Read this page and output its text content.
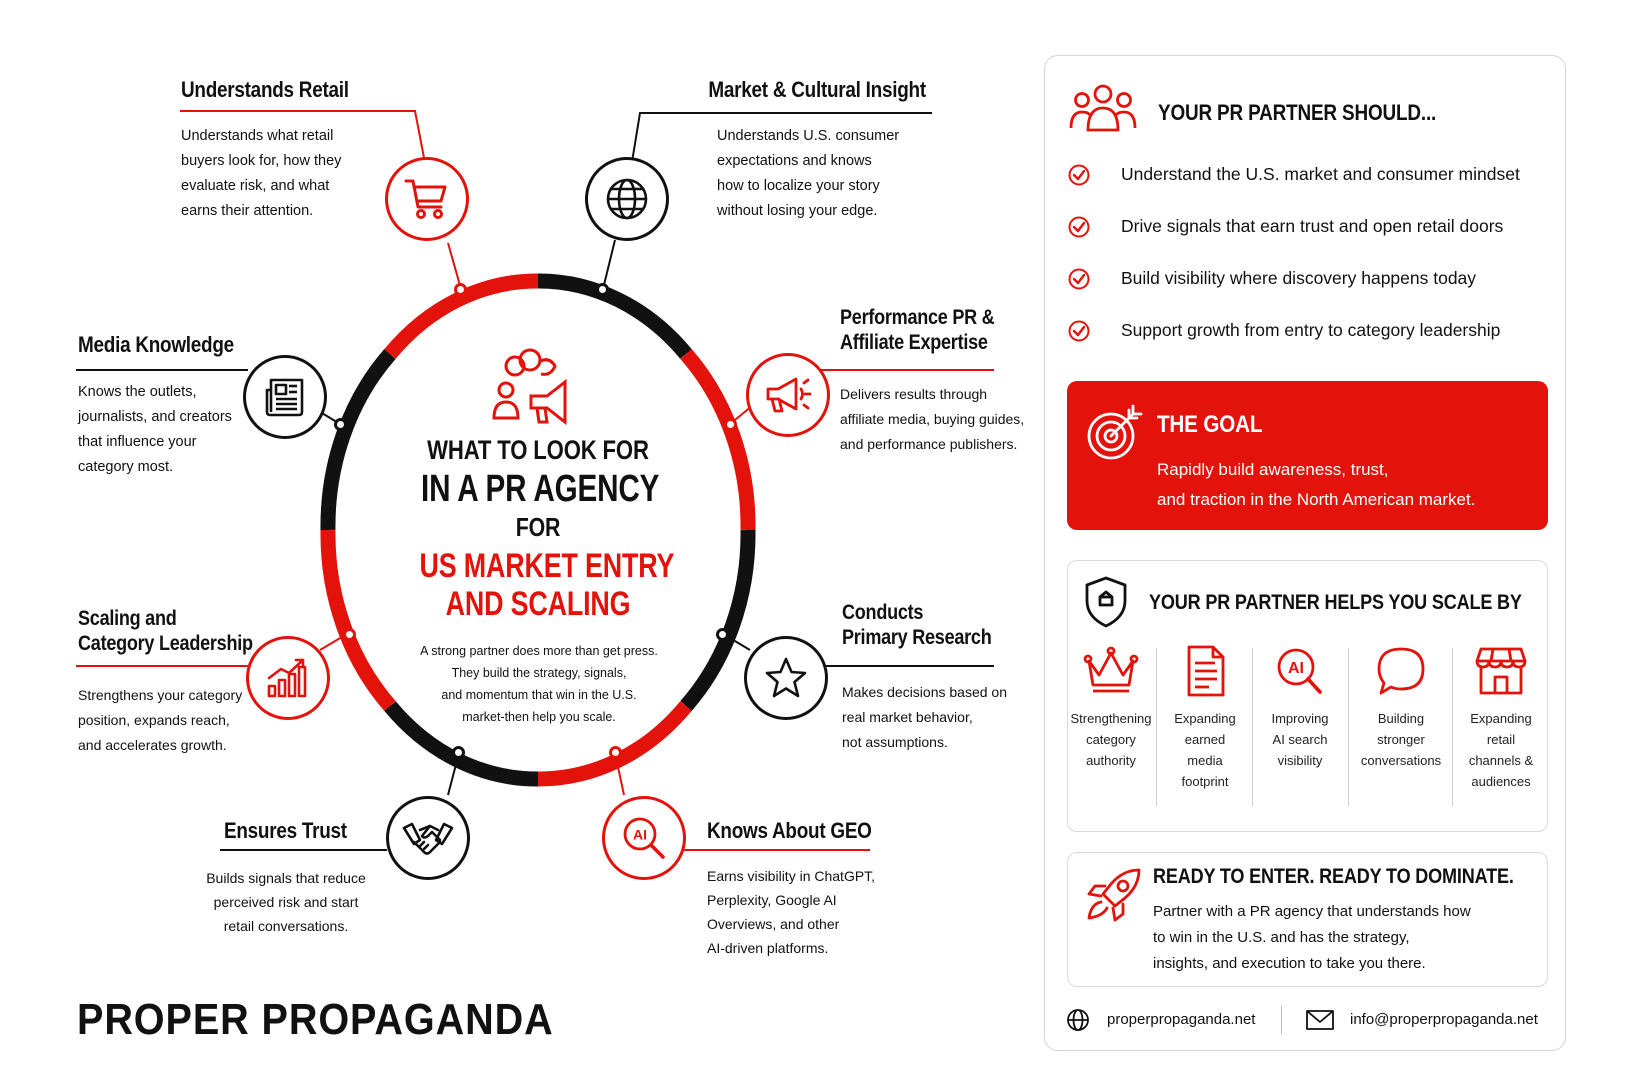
WHAT TO LOOK FOR
IN A PR AGENCY
FOR
US MARKET ENTRY
AND SCALING
A strong partner does more than get press.
They build the strategy, signals,
and momentum that win in the U.S.
market-then help you scale.
Understands Retail
Understands what retail
buyers look for, how they
evaluate risk, and what
earns their attention.
Market & Cultural Insight
Understands U.S. consumer
expectations and knows
how to localize your story
without losing your edge.
Media Knowledge
Knows the outlets,
journalists, and creators
that influence your
category most.
Performance PR &
Affiliate Expertise
Delivers results through
affiliate media, buying guides,
and performance publishers.
Scaling and
Category Leadership
Strengthens your category
position, expands reach,
and accelerates growth.
Conducts
Primary Research
Makes decisions based on
real market behavior,
not assumptions.
Ensures Trust
Builds signals that reduce
perceived risk and start
retail conversations.
Knows About GEO
Earns visibility in ChatGPT,
Perplexity, Google AI
Overviews, and other
AI-driven platforms.
AI
PROPER PROPAGANDA
YOUR PR PARTNER SHOULD...
Understand the U.S. market and consumer mindset
Drive signals that earn trust and open retail doors
Build visibility where discovery happens today
Support growth from entry to category leadership
THE GOAL
Rapidly build awareness, trust,
and traction in the North American market.
YOUR PR PARTNER HELPS YOU SCALE BY
Strengthening
category
authority
Expanding
earned
media
footprint
AI
Improving
AI search
visibility
Building
stronger
conversations
Expanding
retail
channels &
audiences
READY TO ENTER. READY TO DOMINATE.
Partner with a PR agency that understands how
to win in the U.S. and has the strategy,
insights, and execution to take you there.
properpropaganda.net	info@properpropaganda.net
